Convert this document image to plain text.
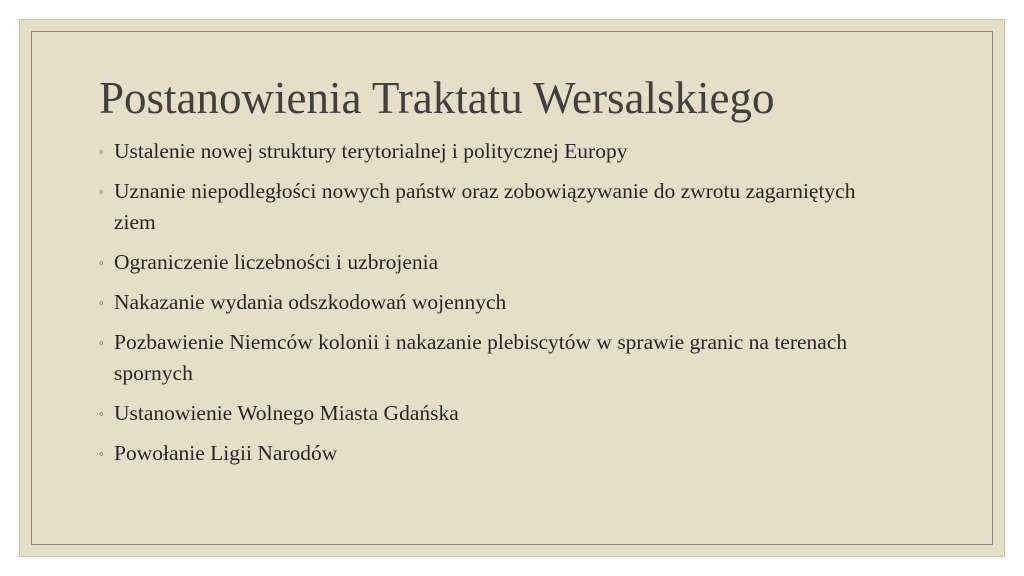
Postanowienia Traktatu Wersalskiego
◦ Ustalenie nowej struktury terytorialnej i politycznej Europy
◦ Uznanie niepodległości nowych państw oraz zobowiązywanie do zwrotu zagarniętych ziem
◦ Ograniczenie liczebności i uzbrojenia
◦ Nakazanie wydania odszkodowań wojennych
◦ Pozbawienie Niemców kolonii i nakazanie plebiscytów w sprawie granic na terenach spornych
◦ Ustanowienie Wolnego Miasta Gdańska
◦ Powołanie Ligii Narodów
